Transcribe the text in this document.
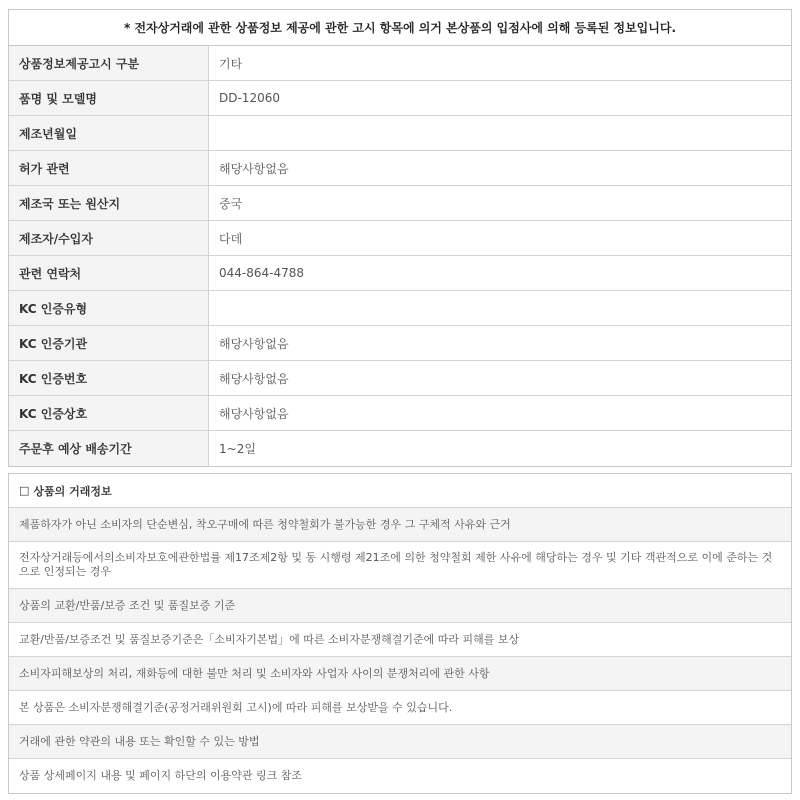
* 전자상거래에 관한 상품정보 제공에 관한 고시 항목에 의거 본상품의 입점사에 의해 등록된 정보입니다.
상품정보제공고시 구분	기타
품명 및 모델명	DD-12060
제조년월일
허가 관련	해당사항없음
제조국 또는 원산지	중국
제조자/수입자	다데
관련 연락처	044-864-4788
KC 인증유형
KC 인증기관	해당사항없음
KC 인증번호	해당사항없음
KC 인증상호	해당사항없음
주문후 예상 배송기간	1~2일
□ 상품의 거래정보
제품하자가 아닌 소비자의 단순변심, 착오구매에 따른 청약철회가 불가능한 경우 그 구체적 사유와 근거
전자상거래등에서의소비자보호에관한법률 제17조제2항 및 동 시행령 제21조에 의한 청약철회 제한 사유에 해당하는 경우 및 기타 객관적으로 이에 준하는 것으로 인정되는 경우
상품의 교환/반품/보증 조건 및 품질보증 기준
교환/반품/보증조건 및 품질보증기준은「소비자기본법」에 따른 소비자분쟁해결기준에 따라 피해를 보상
소비자피해보상의 처리, 재화등에 대한 불만 처리 및 소비자와 사업자 사이의 분쟁처리에 관한 사항
본 상품은 소비자분쟁해결기준(공정거래위원회 고시)에 따라 피해를 보상받을 수 있습니다.
거래에 관한 약관의 내용 또는 확인할 수 있는 방법
상품 상세페이지 내용 및 페이지 하단의 이용약관 링크 참조
